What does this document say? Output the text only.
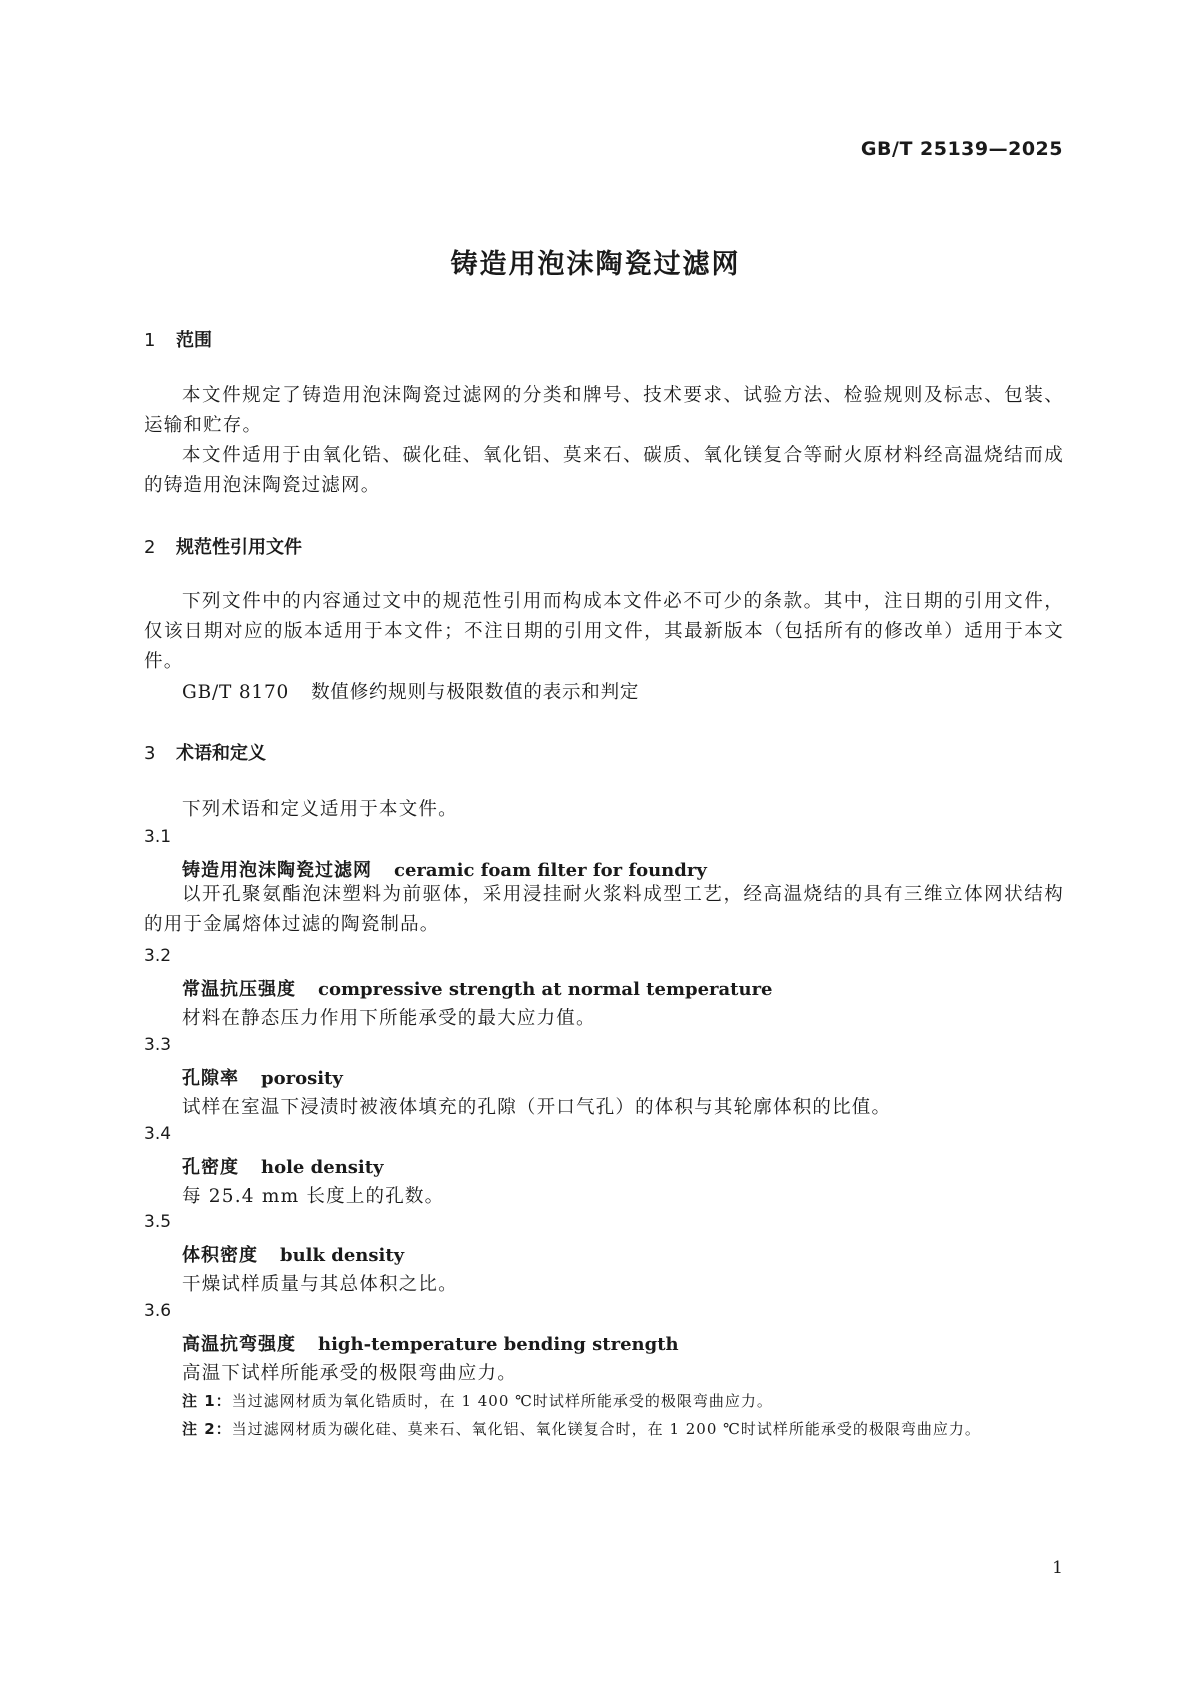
GB/T 25139—2025
铸造用泡沫陶瓷过滤网
1 范围
本文件规定了铸造用泡沫陶瓷过滤网的分类和牌号、技术要求、试验方法、检验规则及标志、包装、运输和贮存。
本文件适用于由氧化锆、碳化硅、氧化铝、莫来石、碳质、氧化镁复合等耐火原材料经高温烧结而成的铸造用泡沫陶瓷过滤网。
2 规范性引用文件
下列文件中的内容通过文中的规范性引用而构成本文件必不可少的条款。其中，注日期的引用文件，仅该日期对应的版本适用于本文件；不注日期的引用文件，其最新版本（包括所有的修改单）适用于本文件。
GB/T 8170 数值修约规则与极限数值的表示和判定
3 术语和定义
下列术语和定义适用于本文件。
3.1
铸造用泡沫陶瓷过滤网 ceramic foam filter for foundry
以开孔聚氨酯泡沫塑料为前驱体，采用浸挂耐火浆料成型工艺，经高温烧结的具有三维立体网状结构的用于金属熔体过滤的陶瓷制品。
3.2
常温抗压强度 compressive strength at normal temperature
材料在静态压力作用下所能承受的最大应力值。
3.3
孔隙率 porosity
试样在室温下浸渍时被液体填充的孔隙（开口气孔）的体积与其轮廓体积的比值。
3.4
孔密度 hole density
每 25.4 mm 长度上的孔数。
3.5
体积密度 bulk density
干燥试样质量与其总体积之比。
3.6
高温抗弯强度 high-temperature bending strength
高温下试样所能承受的极限弯曲应力。
注 1：当过滤网材质为氧化锆质时，在 1 400 ℃时试样所能承受的极限弯曲应力。
注 2：当过滤网材质为碳化硅、莫来石、氧化铝、氧化镁复合时，在 1 200 ℃时试样所能承受的极限弯曲应力。
1
